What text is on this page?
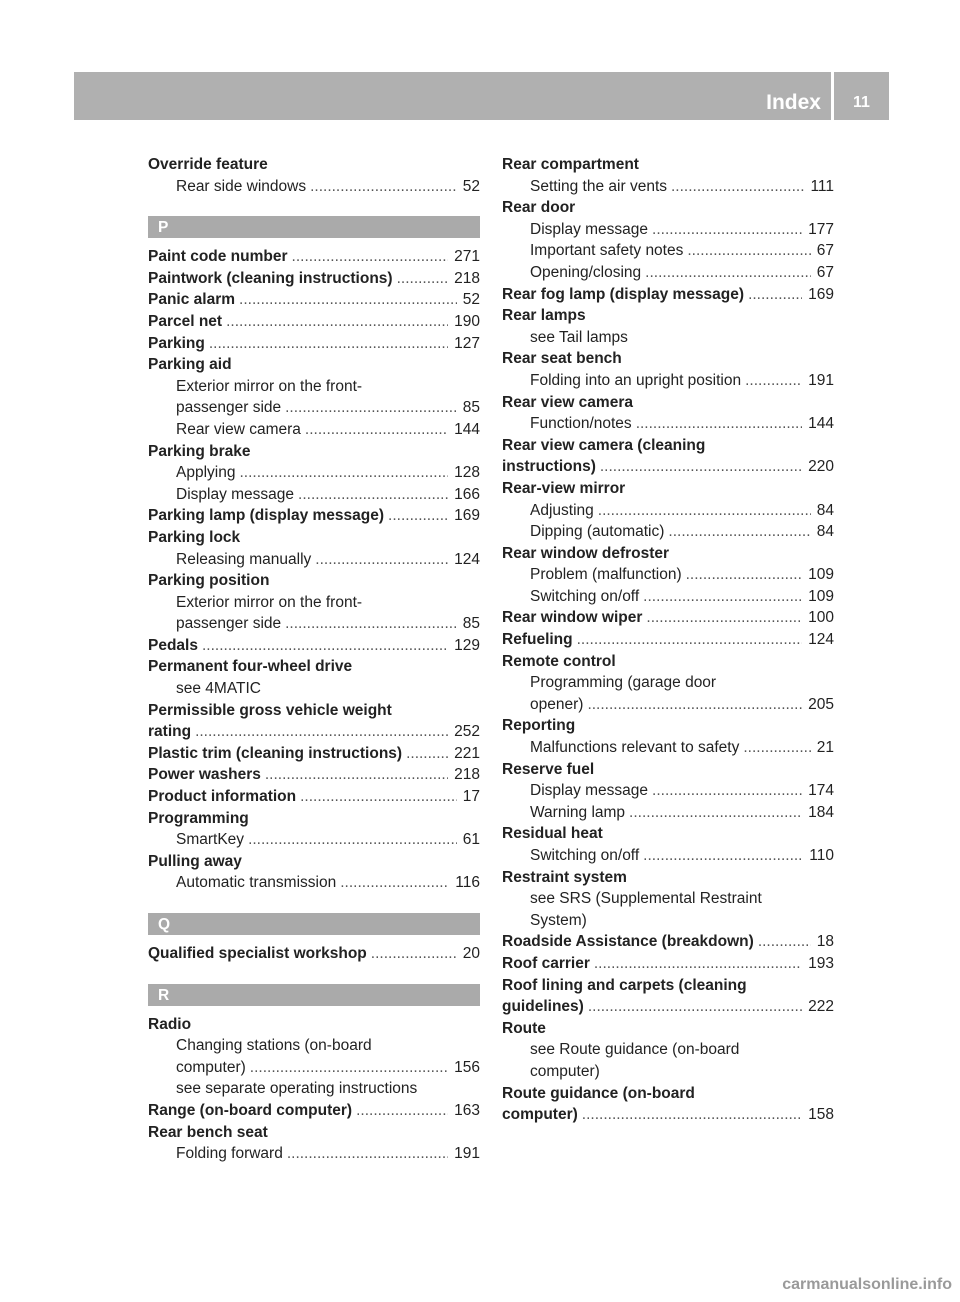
Index	11
Override feature
Rear side windows .....	52
P
Paint code number .....	271
Paintwork (cleaning instructions) .....	218
Panic alarm .....	52
Parcel net .....	190
Parking .....	127
Parking aid
Exterior mirror on the front-
passenger side .....	85
Rear view camera .....	144
Parking brake
Applying .....	128
Display message .....	166
Parking lamp (display message) .....	169
Parking lock
Releasing manually .....	124
Parking position
Exterior mirror on the front-
passenger side .....	85
Pedals .....	129
Permanent four-wheel drive
see 4MATIC
Permissible gross vehicle weight
rating .....	252
Plastic trim (cleaning instructions) .....	221
Power washers .....	218
Product information .....	17
Programming
SmartKey .....	61
Pulling away
Automatic transmission .....	116
Q
Qualified specialist workshop .....	20
R
Radio
Changing stations (on-board
computer) .....	156
see separate operating instructions
Range (on-board computer) .....	163
Rear bench seat
Folding forward .....	191
Rear compartment
Setting the air vents .....	111
Rear door
Display message .....	177
Important safety notes .....	67
Opening/closing .....	67
Rear fog lamp (display message) .....	169
Rear lamps
see Tail lamps
Rear seat bench
Folding into an upright position .....	191
Rear view camera
Function/notes .....	144
Rear view camera (cleaning
instructions) .....	220
Rear-view mirror
Adjusting .....	84
Dipping (automatic) .....	84
Rear window defroster
Problem (malfunction) .....	109
Switching on/off .....	109
Rear window wiper .....	100
Refueling .....	124
Remote control
Programming (garage door
opener) .....	205
Reporting
Malfunctions relevant to safety .....	21
Reserve fuel
Display message .....	174
Warning lamp .....	184
Residual heat
Switching on/off .....	110
Restraint system
see SRS (Supplemental Restraint
System)
Roadside Assistance (breakdown) .....	18
Roof carrier .....	193
Roof lining and carpets (cleaning
guidelines) .....	222
Route
see Route guidance (on-board
computer)
Route guidance (on-board
computer) .....	158
carmanualsonline.info
